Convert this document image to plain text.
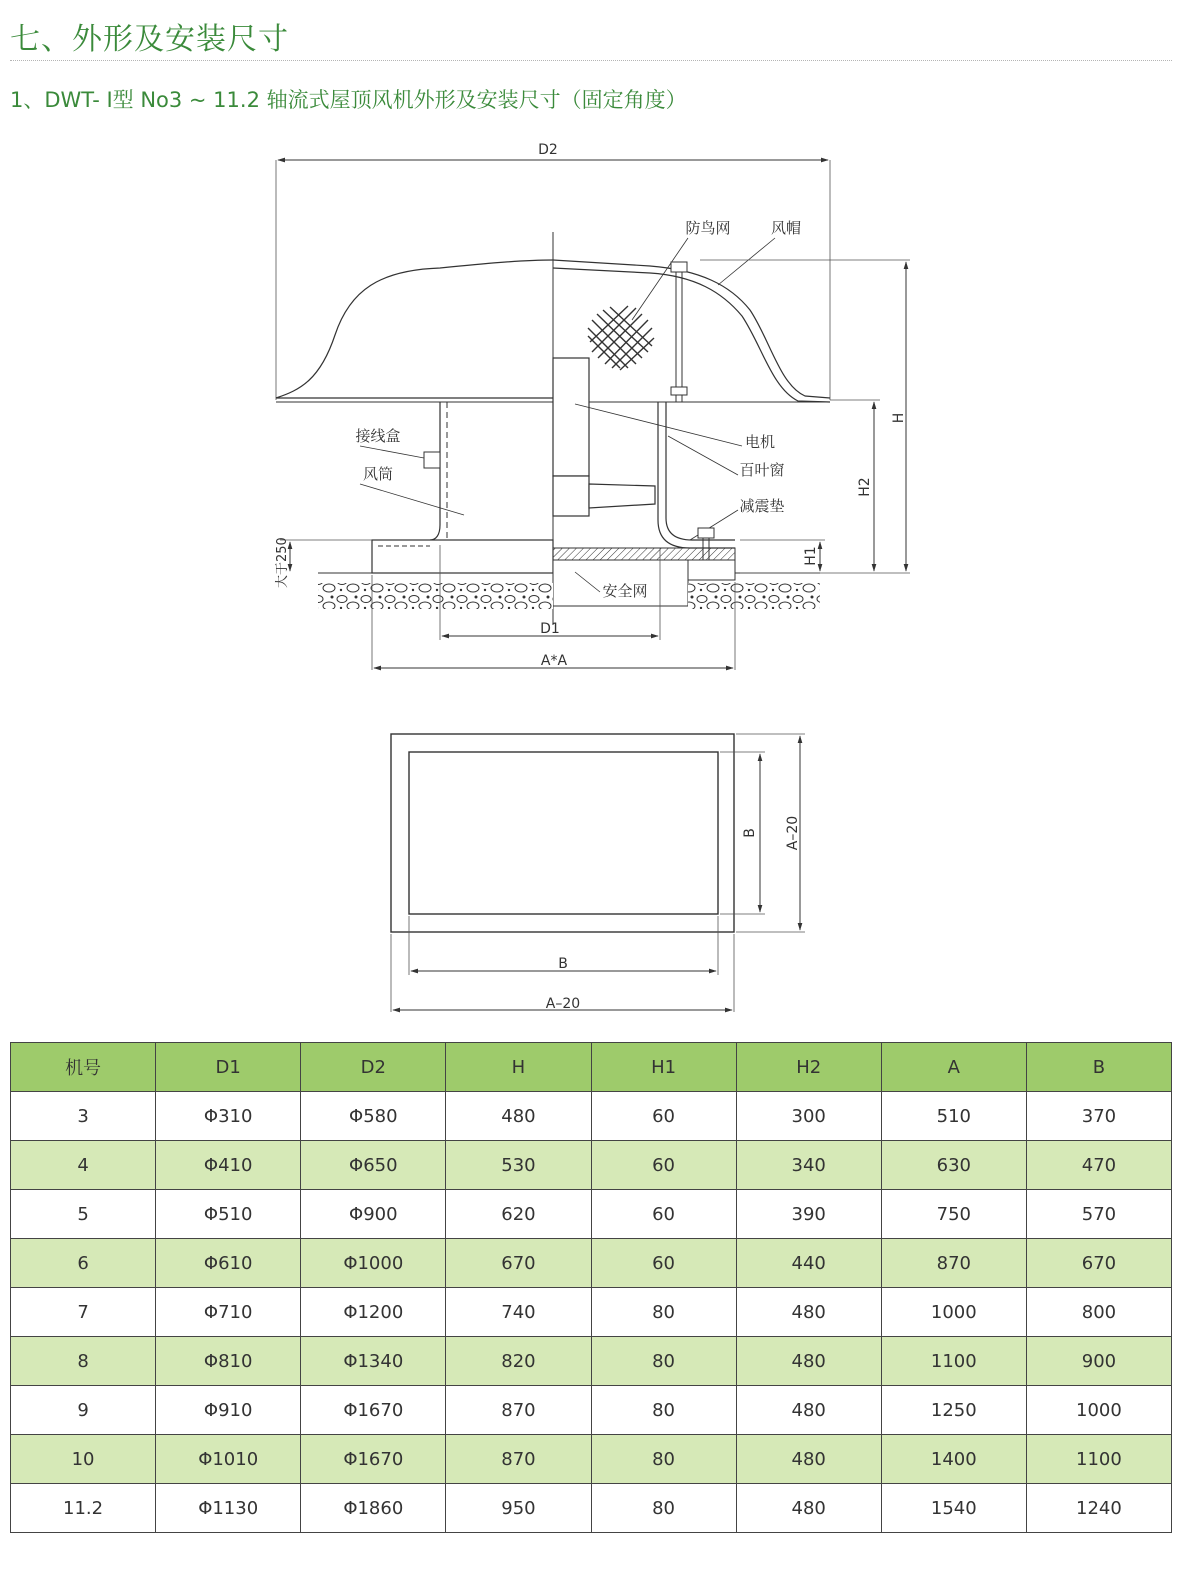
七、外形及安装尺寸
1、DWT- Ⅰ型 No3 ~ 11.2 轴流式屋顶风机外形及安装尺寸（固定角度）
D2
防鸟网	风帽
电机
百叶窗
减震垫
接线盒
风筒
安全网
大于250
H
H2
H1
D1
A*A
B A–20
B
A–20
机号	D1	D2	H	H1	H2	A	B
3	Φ310	Φ580	480	60	300	510	370
4	Φ410	Φ650	530	60	340	630	470
5	Φ510	Φ900	620	60	390	750	570
6	Φ610	Φ1000	670	60	440	870	670
7	Φ710	Φ1200	740	80	480	1000	800
8	Φ810	Φ1340	820	80	480	1100	900
9	Φ910	Φ1670	870	80	480	1250	1000
10	Φ1010	Φ1670	870	80	480	1400	1100
11.2	Φ1130	Φ1860	950	80	480	1540	1240
